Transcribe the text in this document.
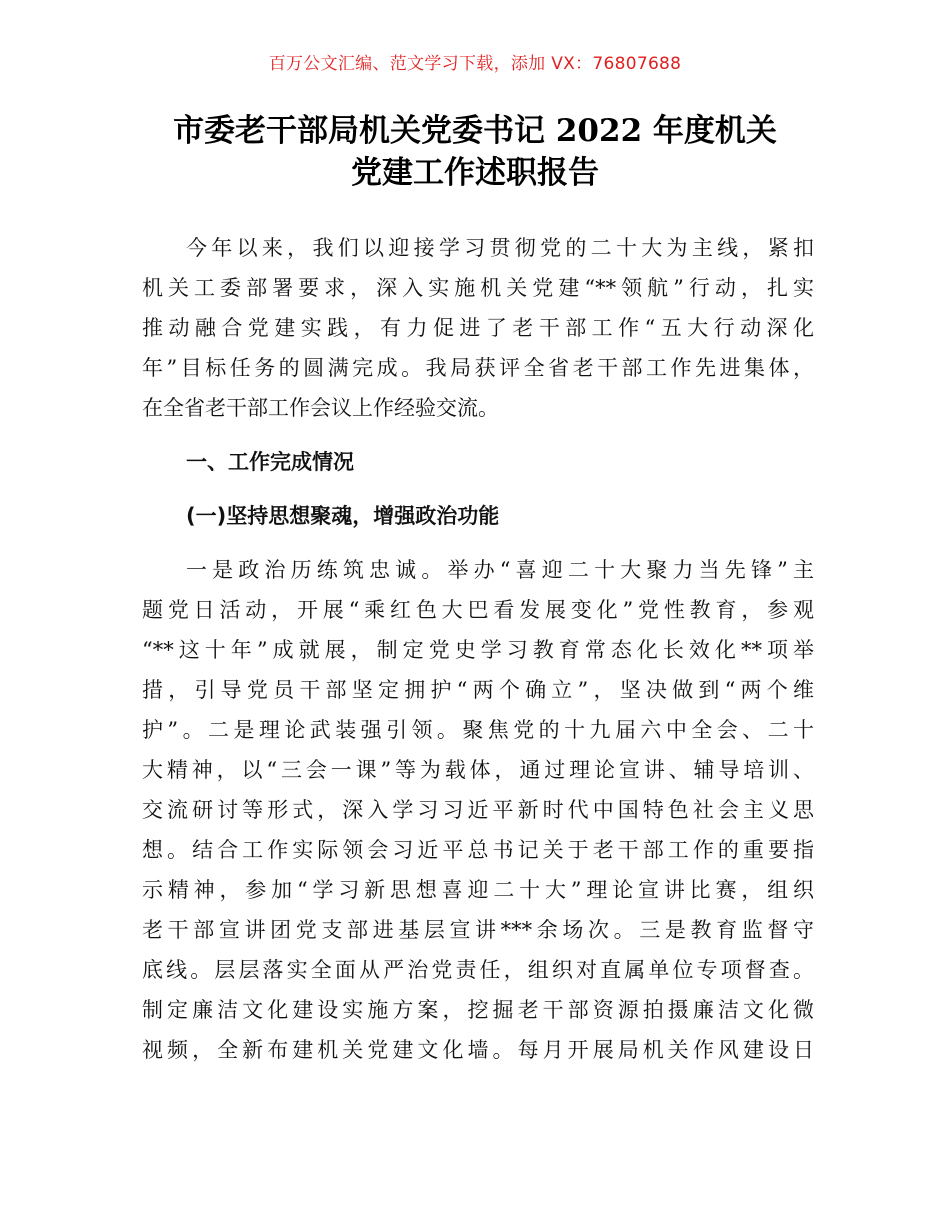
百万公文汇编、范文学习下载，添加 VX：76807688
市委老干部局机关党委书记 2022 年度机关
党建工作述职报告
今年以来，我们以迎接学习贯彻党的二十大为主线，紧扣
机关工委部署要求，深入实施机关党建“**领航”行动，扎实
推动融合党建实践，有力促进了老干部工作“五大行动深化
年”目标任务的圆满完成。我局获评全省老干部工作先进集体，
在全省老干部工作会议上作经验交流。
一、工作完成情况
(一)坚持思想聚魂，增强政治功能
一是政治历练筑忠诚。举办“喜迎二十大聚力当先锋”主
题党日活动，开展“乘红色大巴看发展变化”党性教育，参观
“**这十年”成就展，制定党史学习教育常态化长效化**项举
措，引导党员干部坚定拥护“两个确立”，坚决做到“两个维
护”。二是理论武装强引领。聚焦党的十九届六中全会、二十
大精神，以“三会一课”等为载体，通过理论宣讲、辅导培训、
交流研讨等形式，深入学习习近平新时代中国特色社会主义思
想。结合工作实际领会习近平总书记关于老干部工作的重要指
示精神，参加“学习新思想喜迎二十大”理论宣讲比赛，组织
老干部宣讲团党支部进基层宣讲***余场次。三是教育监督守
底线。层层落实全面从严治党责任，组织对直属单位专项督查。
制定廉洁文化建设实施方案，挖掘老干部资源拍摄廉洁文化微
视频，全新布建机关党建文化墙。每月开展局机关作风建设日
